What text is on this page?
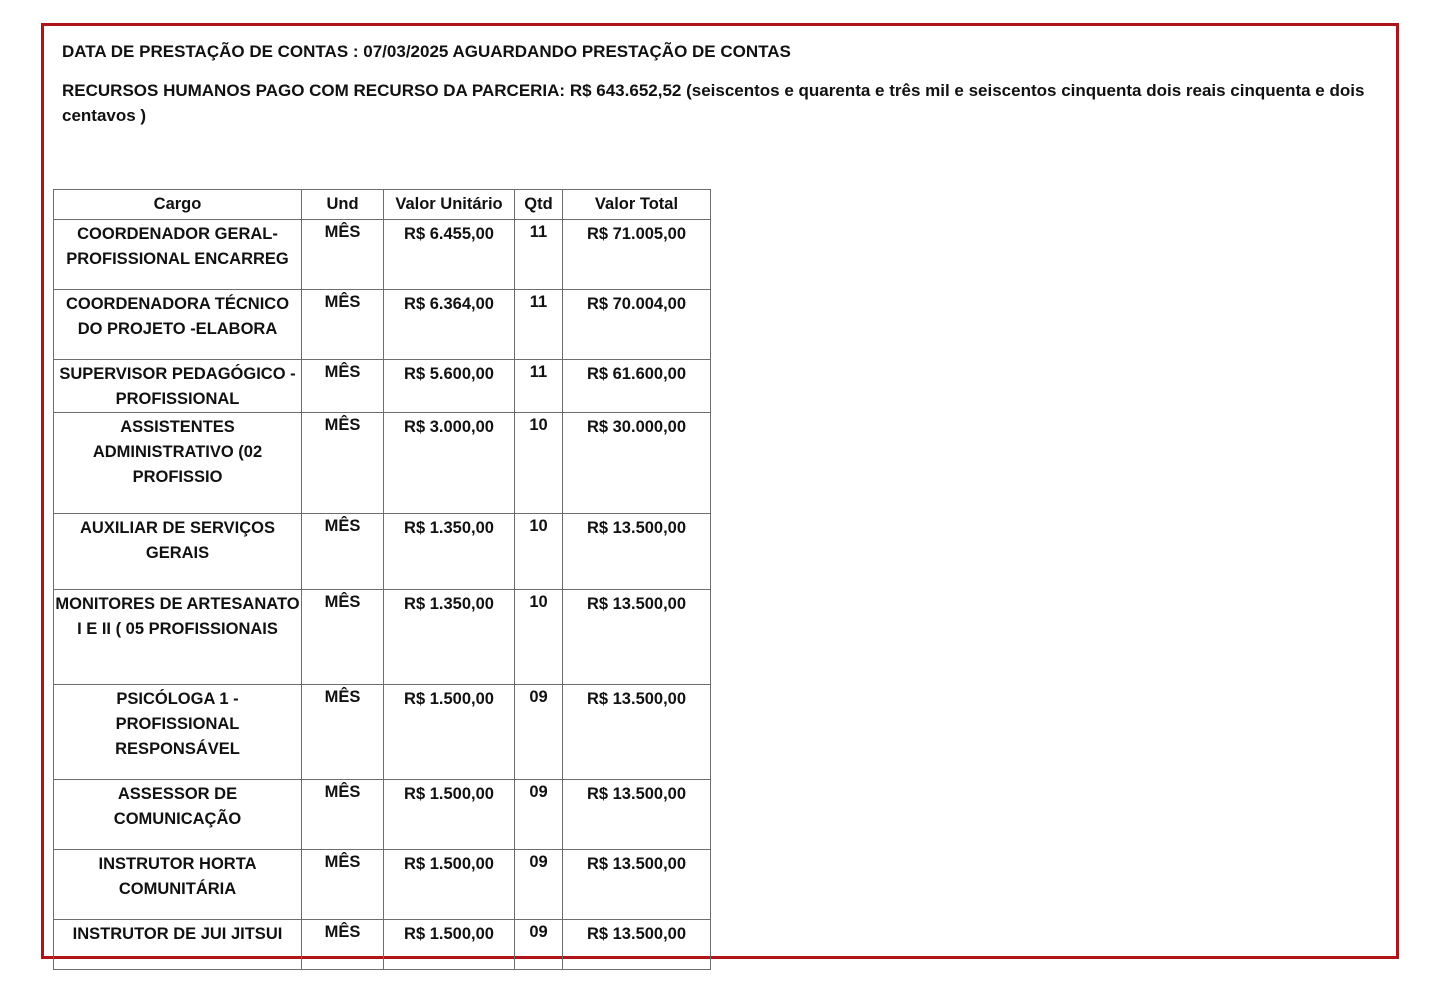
DATA DE PRESTAÇÃO DE CONTAS : 07/03/2025 AGUARDANDO PRESTAÇÃO DE CONTAS
RECURSOS HUMANOS PAGO COM RECURSO DA PARCERIA: R$ 643.652,52 (seiscentos e quarenta e três mil e seiscentos cinquenta dois reais cinquenta e dois centavos )
Cargo	Und	Valor Unitário	Qtd	Valor Total
COORDENADOR GERAL- PROFISSIONAL ENCARREG	MÊS	R$ 6.455,00	11	R$ 71.005,00
COORDENADORA TÉCNICO DO PROJETO -ELABORA	MÊS	R$ 6.364,00	11	R$ 70.004,00
SUPERVISOR PEDAGÓGICO - PROFISSIONAL	MÊS	R$ 5.600,00	11	R$ 61.600,00
ASSISTENTES ADMINISTRATIVO (02 PROFISSIO	MÊS	R$ 3.000,00	10	R$ 30.000,00
AUXILIAR DE SERVIÇOS GERAIS	MÊS	R$ 1.350,00	10	R$ 13.500,00
MONITORES DE ARTESANATO I E II ( 05 PROFISSIONAIS	MÊS	R$ 1.350,00	10	R$ 13.500,00
PSICÓLOGA 1 - PROFISSIONAL RESPONSÁVEL	MÊS	R$ 1.500,00	09	R$ 13.500,00
ASSESSOR DE COMUNICAÇÃO	MÊS	R$ 1.500,00	09	R$ 13.500,00
INSTRUTOR HORTA COMUNITÁRIA	MÊS	R$ 1.500,00	09	R$ 13.500,00
INSTRUTOR DE JUI JITSUI	MÊS	R$ 1.500,00	09	R$ 13.500,00
